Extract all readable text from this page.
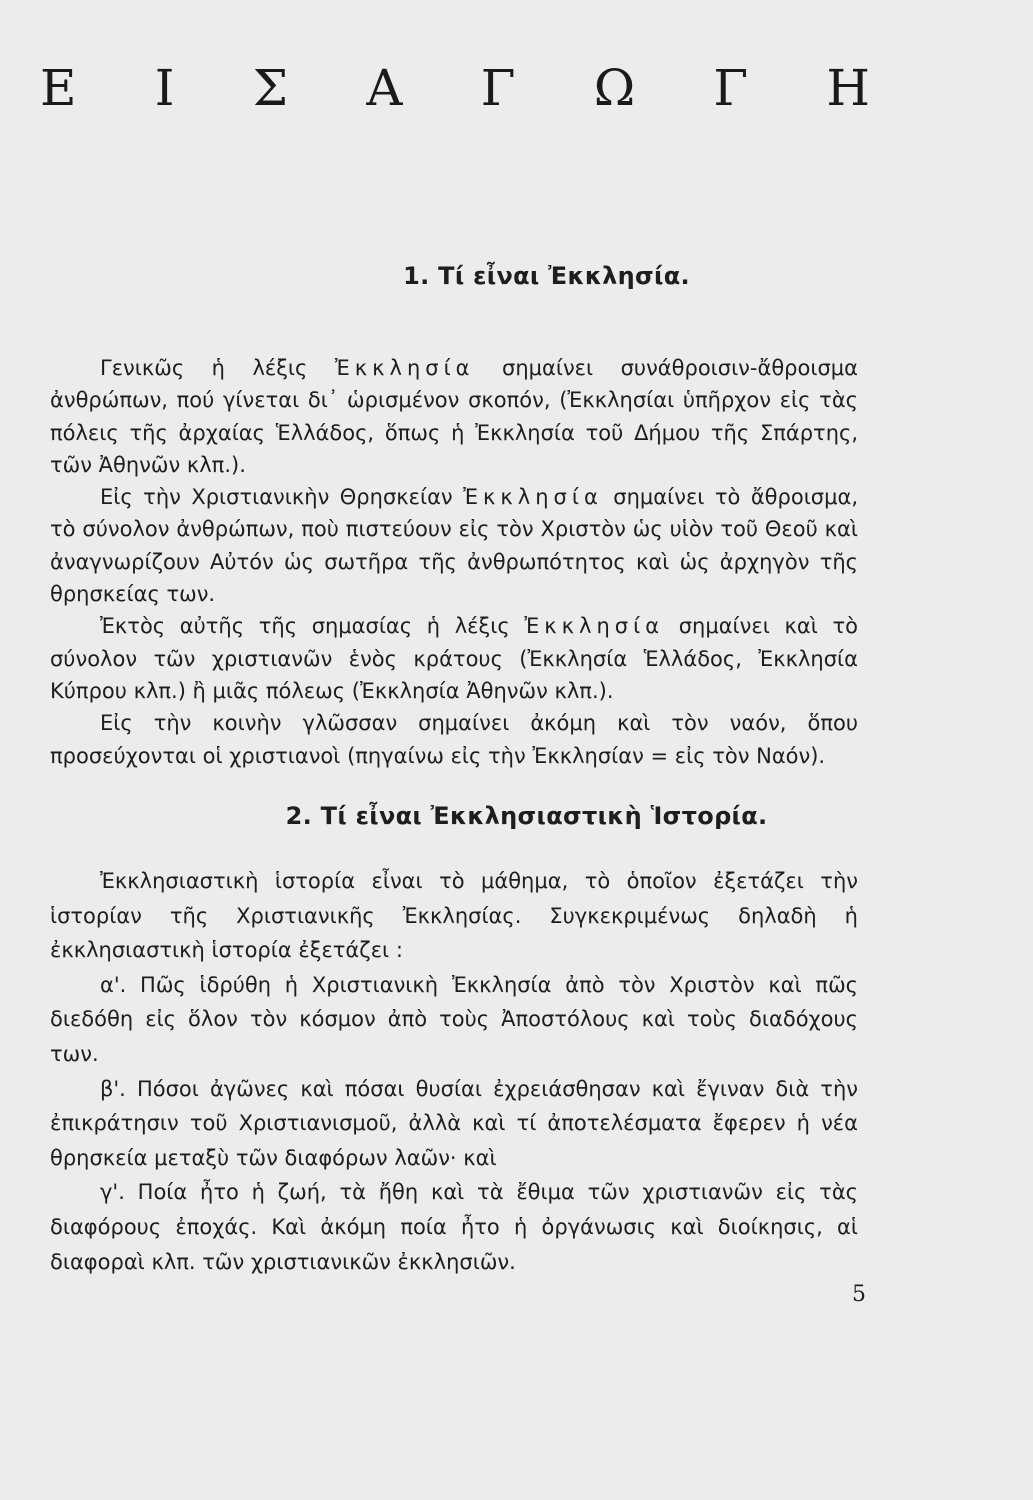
Ε Ι Σ Α Γ Ω Γ Η
1. Τί εἶναι Ἐκκλησία.

Γενικῶς ἡ λέξις Ἐκκλησία σημαίνει συνάθροισιν-ἄθροισμα ἀνθρώπων, πού γίνεται δι᾽ ὡρισμένον σκοπόν, (Ἐκκλησίαι ὑπῆρχον εἰς τὰς πόλεις τῆς ἀρχαίας Ἑλλάδος, ὅπως ἡ Ἐκκλησία τοῦ Δήμου τῆς Σπάρτης, τῶν Ἀθηνῶν κλπ.).

Εἰς τὴν Χριστιανικὴν Θρησκείαν Ἐκκλησία σημαίνει τὸ ἄθροισμα, τὸ σύνολον ἀνθρώπων, ποὺ πιστεύουν εἰς τὸν Χριστὸν ὡς υἱὸν τοῦ Θεοῦ καὶ ἀναγνωρίζουν Αὐτόν ὡς σωτῆρα τῆς ἀνθρωπότητος καὶ ὡς ἀρχηγὸν τῆς θρησκείας των.

Ἐκτὸς αὐτῆς τῆς σημασίας ἡ λέξις Ἐκκλησία σημαίνει καὶ τὸ σύνολον τῶν χριστιανῶν ἑνὸς κράτους (Ἐκκλησία Ἑλλάδος, Ἐκκλησία Κύπρου κλπ.) ἢ μιᾶς πόλεως (Ἐκκλησία Ἀθηνῶν κλπ.).

Εἰς τὴν κοινὴν γλῶσσαν σημαίνει ἀκόμη καὶ τὸν ναόν, ὅπου προσεύχονται οἱ χριστιανοὶ (πηγαίνω εἰς τὴν Ἐκκλησίαν = εἰς τὸν Ναόν).

2. Τί εἶναι Ἐκκλησιαστικὴ Ἱστορία.

Ἐκκλησιαστικὴ ἱστορία εἶναι τὸ μάθημα, τὸ ὁποῖον ἐξετάζει τὴν ἱστορίαν τῆς Χριστιανικῆς Ἐκκλησίας. Συγκεκριμένως δηλαδὴ ἡ ἐκκλησιαστικὴ ἱστορία ἐξετάζει :

α'. Πῶς ἱδρύθη ἡ Χριστιανικὴ Ἐκκλησία ἀπὸ τὸν Χριστὸν καὶ πῶς διεδόθη εἰς ὅλον τὸν κόσμον ἀπὸ τοὺς Ἀποστόλους καὶ τοὺς διαδόχους των.

β'. Πόσοι ἀγῶνες καὶ πόσαι θυσίαι ἐχρειάσθησαν καὶ ἔγιναν διὰ τὴν ἐπικράτησιν τοῦ Χριστιανισμοῦ, ἀλλὰ καὶ τί ἀποτελέσματα ἔφερεν ἡ νέα θρησκεία μεταξὺ τῶν διαφόρων λαῶν· καὶ

γ'. Ποία ἦτο ἡ ζωή, τὰ ἤθη καὶ τὰ ἔθιμα τῶν χριστιανῶν εἰς τὰς διαφόρους ἐποχάς. Καὶ ἀκόμη ποία ἦτο ἡ ὀργάνωσις καὶ διοίκησις, αἱ διαφοραὶ κλπ. τῶν χριστιανικῶν ἐκκλησιῶν.

5
